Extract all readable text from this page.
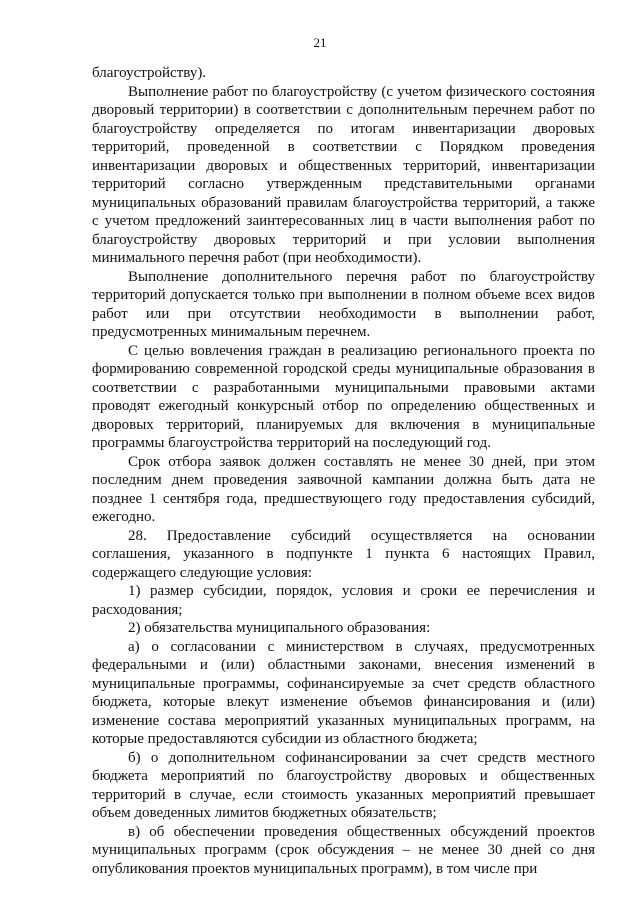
21

благоустройству).

Выполнение работ по благоустройству (с учетом физического состояния дворовый территории) в соответствии с дополнительным перечнем работ по благоустройству определяется по итогам инвентаризации дворовых территорий, проведенной в соответствии с Порядком проведения инвентаризации дворовых и общественных территорий, инвентаризации территорий согласно утвержденным представительными органами муниципальных образований правилам благоустройства территорий, а также с учетом предложений заинтересованных лиц в части выполнения работ по благоустройству дворовых территорий и при условии выполнения минимального перечня работ (при необходимости).

Выполнение дополнительного перечня работ по благоустройству территорий допускается только при выполнении в полном объеме всех видов работ или при отсутствии необходимости в выполнении работ, предусмотренных минимальным перечнем.

С целью вовлечения граждан в реализацию регионального проекта по формированию современной городской среды муниципальные образования в соответствии с разработанными муниципальными правовыми актами проводят ежегодный конкурсный отбор по определению общественных и дворовых территорий, планируемых для включения в муниципальные программы благоустройства территорий на последующий год.

Срок отбора заявок должен составлять не менее 30 дней, при этом последним днем проведения заявочной кампании должна быть дата не позднее 1 сентября года, предшествующего году предоставления субсидий, ежегодно.

28. Предоставление субсидий осуществляется на основании соглашения, указанного в подпункте 1 пункта 6 настоящих Правил, содержащего следующие условия:

1) размер субсидии, порядок, условия и сроки ее перечисления и расходования;

2) обязательства муниципального образования:

а) о согласовании с министерством в случаях, предусмотренных федеральными и (или) областными законами, внесения изменений в муниципальные программы, софинансируемые за счет средств областного бюджета, которые влекут изменение объемов финансирования и (или) изменение состава мероприятий указанных муниципальных программ, на которые предоставляются субсидии из областного бюджета;

б) о дополнительном софинансировании за счет средств местного бюджета мероприятий по благоустройству дворовых и общественных территорий в случае, если стоимость указанных мероприятий превышает объем доведенных лимитов бюджетных обязательств;

в) об обеспечении проведения общественных обсуждений проектов муниципальных программ (срок обсуждения – не менее 30 дней со дня опубликования проектов муниципальных программ), в том числе при
